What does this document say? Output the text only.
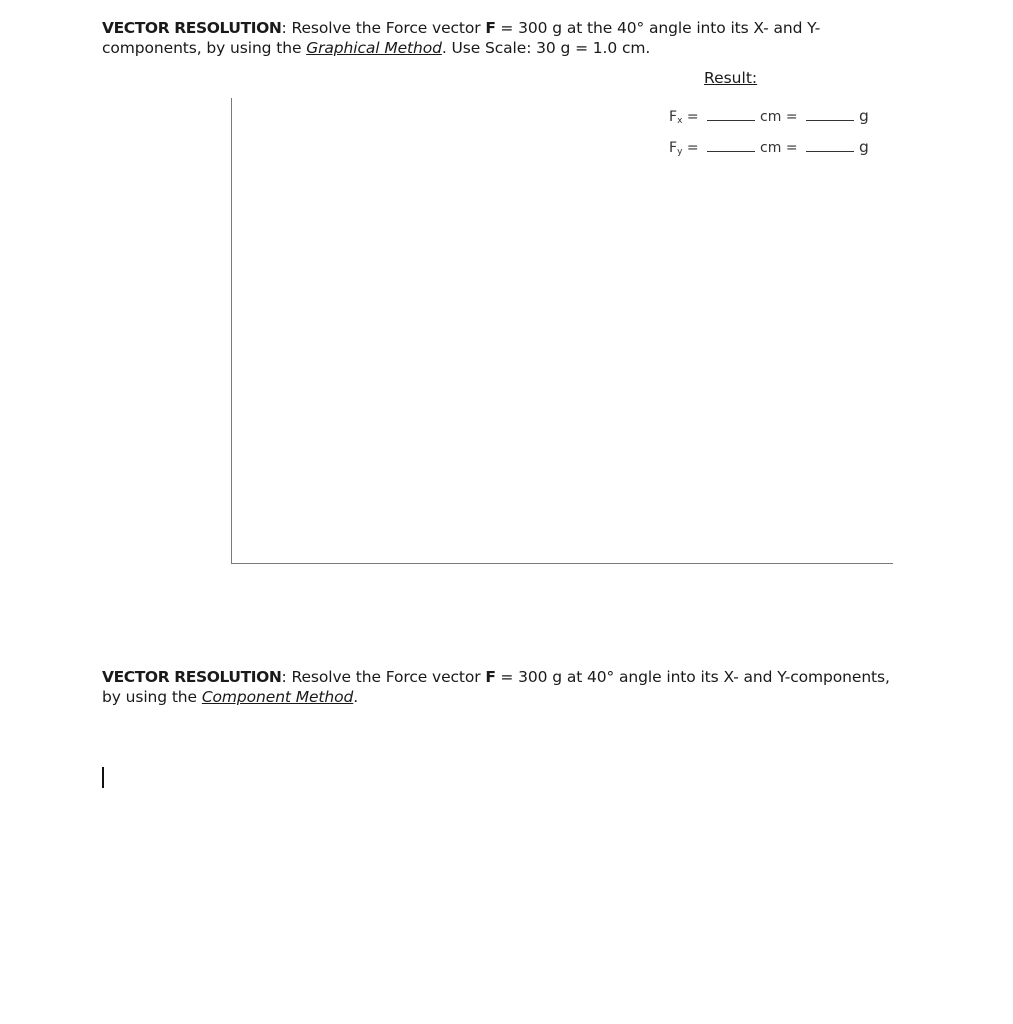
VECTOR RESOLUTION: Resolve the Force vector F = 300 g at the 40° angle into its X- and Y-
components, by using the Graphical Method. Use Scale: 30 g = 1.0 cm.
Result:
$F_x$ =	cm =	g
$F_y$ =	cm =	g
VECTOR RESOLUTION: Resolve the Force vector F = 300 g at 40° angle into its X- and Y-components,
by using the Component Method.
